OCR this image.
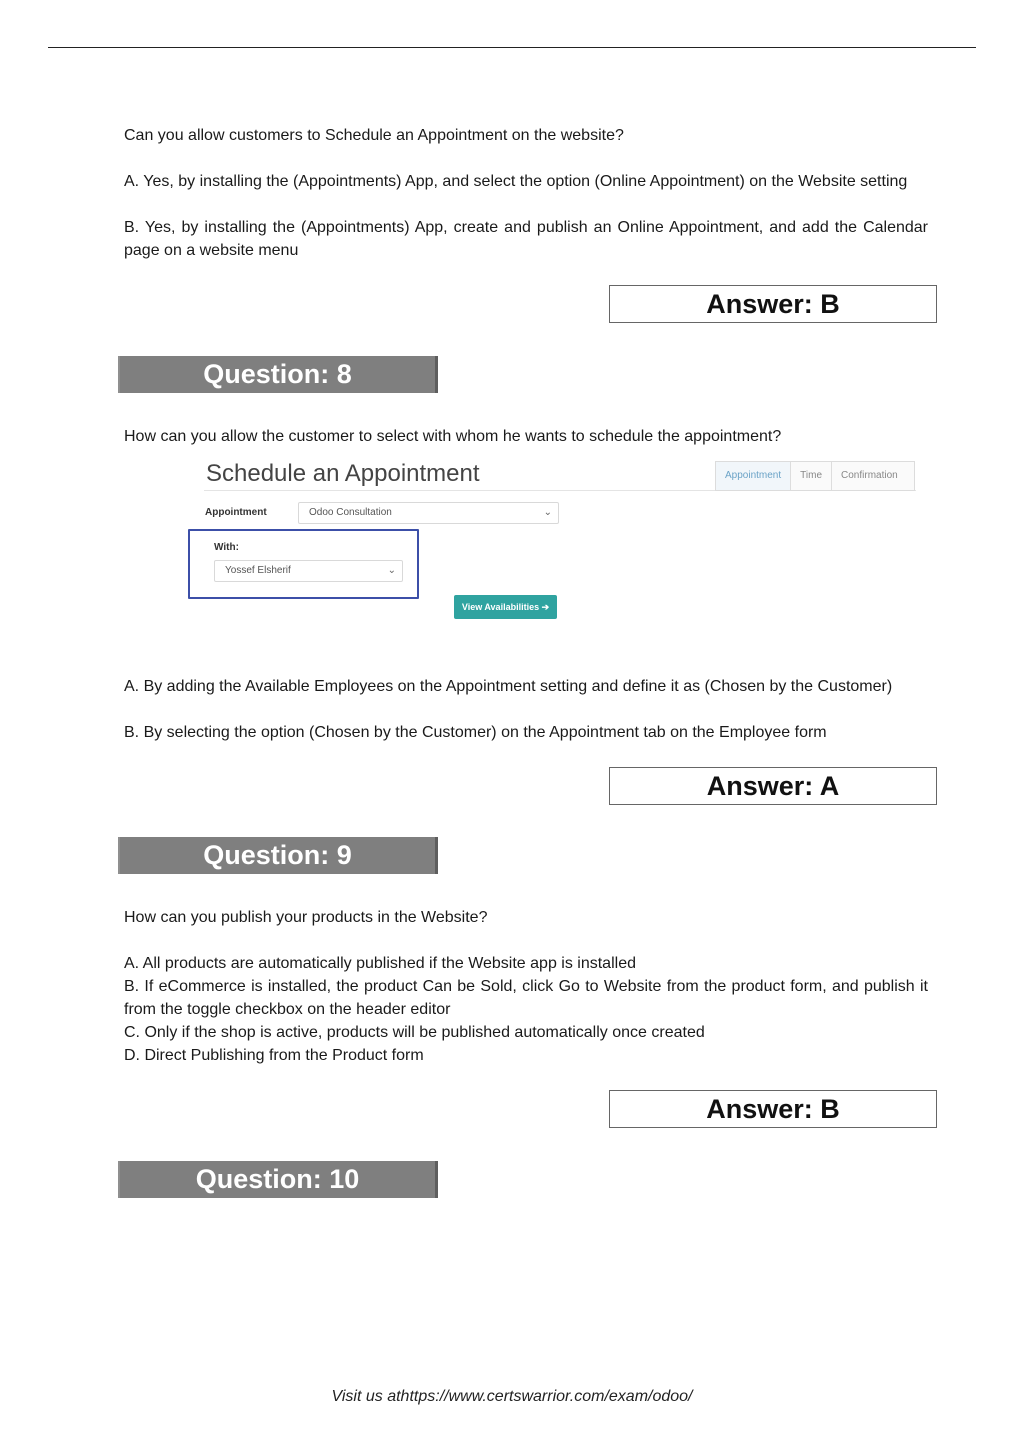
Can you allow customers to Schedule an Appointment on the website?

A. Yes, by installing the (Appointments) App, and select the option (Online Appointment) on the Website setting

B. Yes, by installing the (Appointments) App, create and publish an Online Appointment, and add the Calendar page on a website menu

Answer: B
Question: 8

How can you allow the customer to select with whom he wants to schedule the appointment?

Schedule an Appointment	Appointment	Time	Confirmation
Appointment	Odoo Consultation	⌄
With:
Yossef Elsherif	⌄
View Availabilities ➔

A. By adding the Available Employees on the Appointment setting and define it as (Chosen by the Customer)

B. By selecting the option (Chosen by the Customer) on the Appointment tab on the Employee form

Answer: A
Question: 9

How can you publish your products in the Website?

A. All products are automatically published if the Website app is installed

B. If eCommerce is installed, the product Can be Sold, click Go to Website from the product form, and publish it from the toggle checkbox on the header editor

C. Only if the shop is active, products will be published automatically once created

D. Direct Publishing from the Product form

Answer: B
Question: 10
Visit us athttps://www.certswarrior.com/exam/odoo/
